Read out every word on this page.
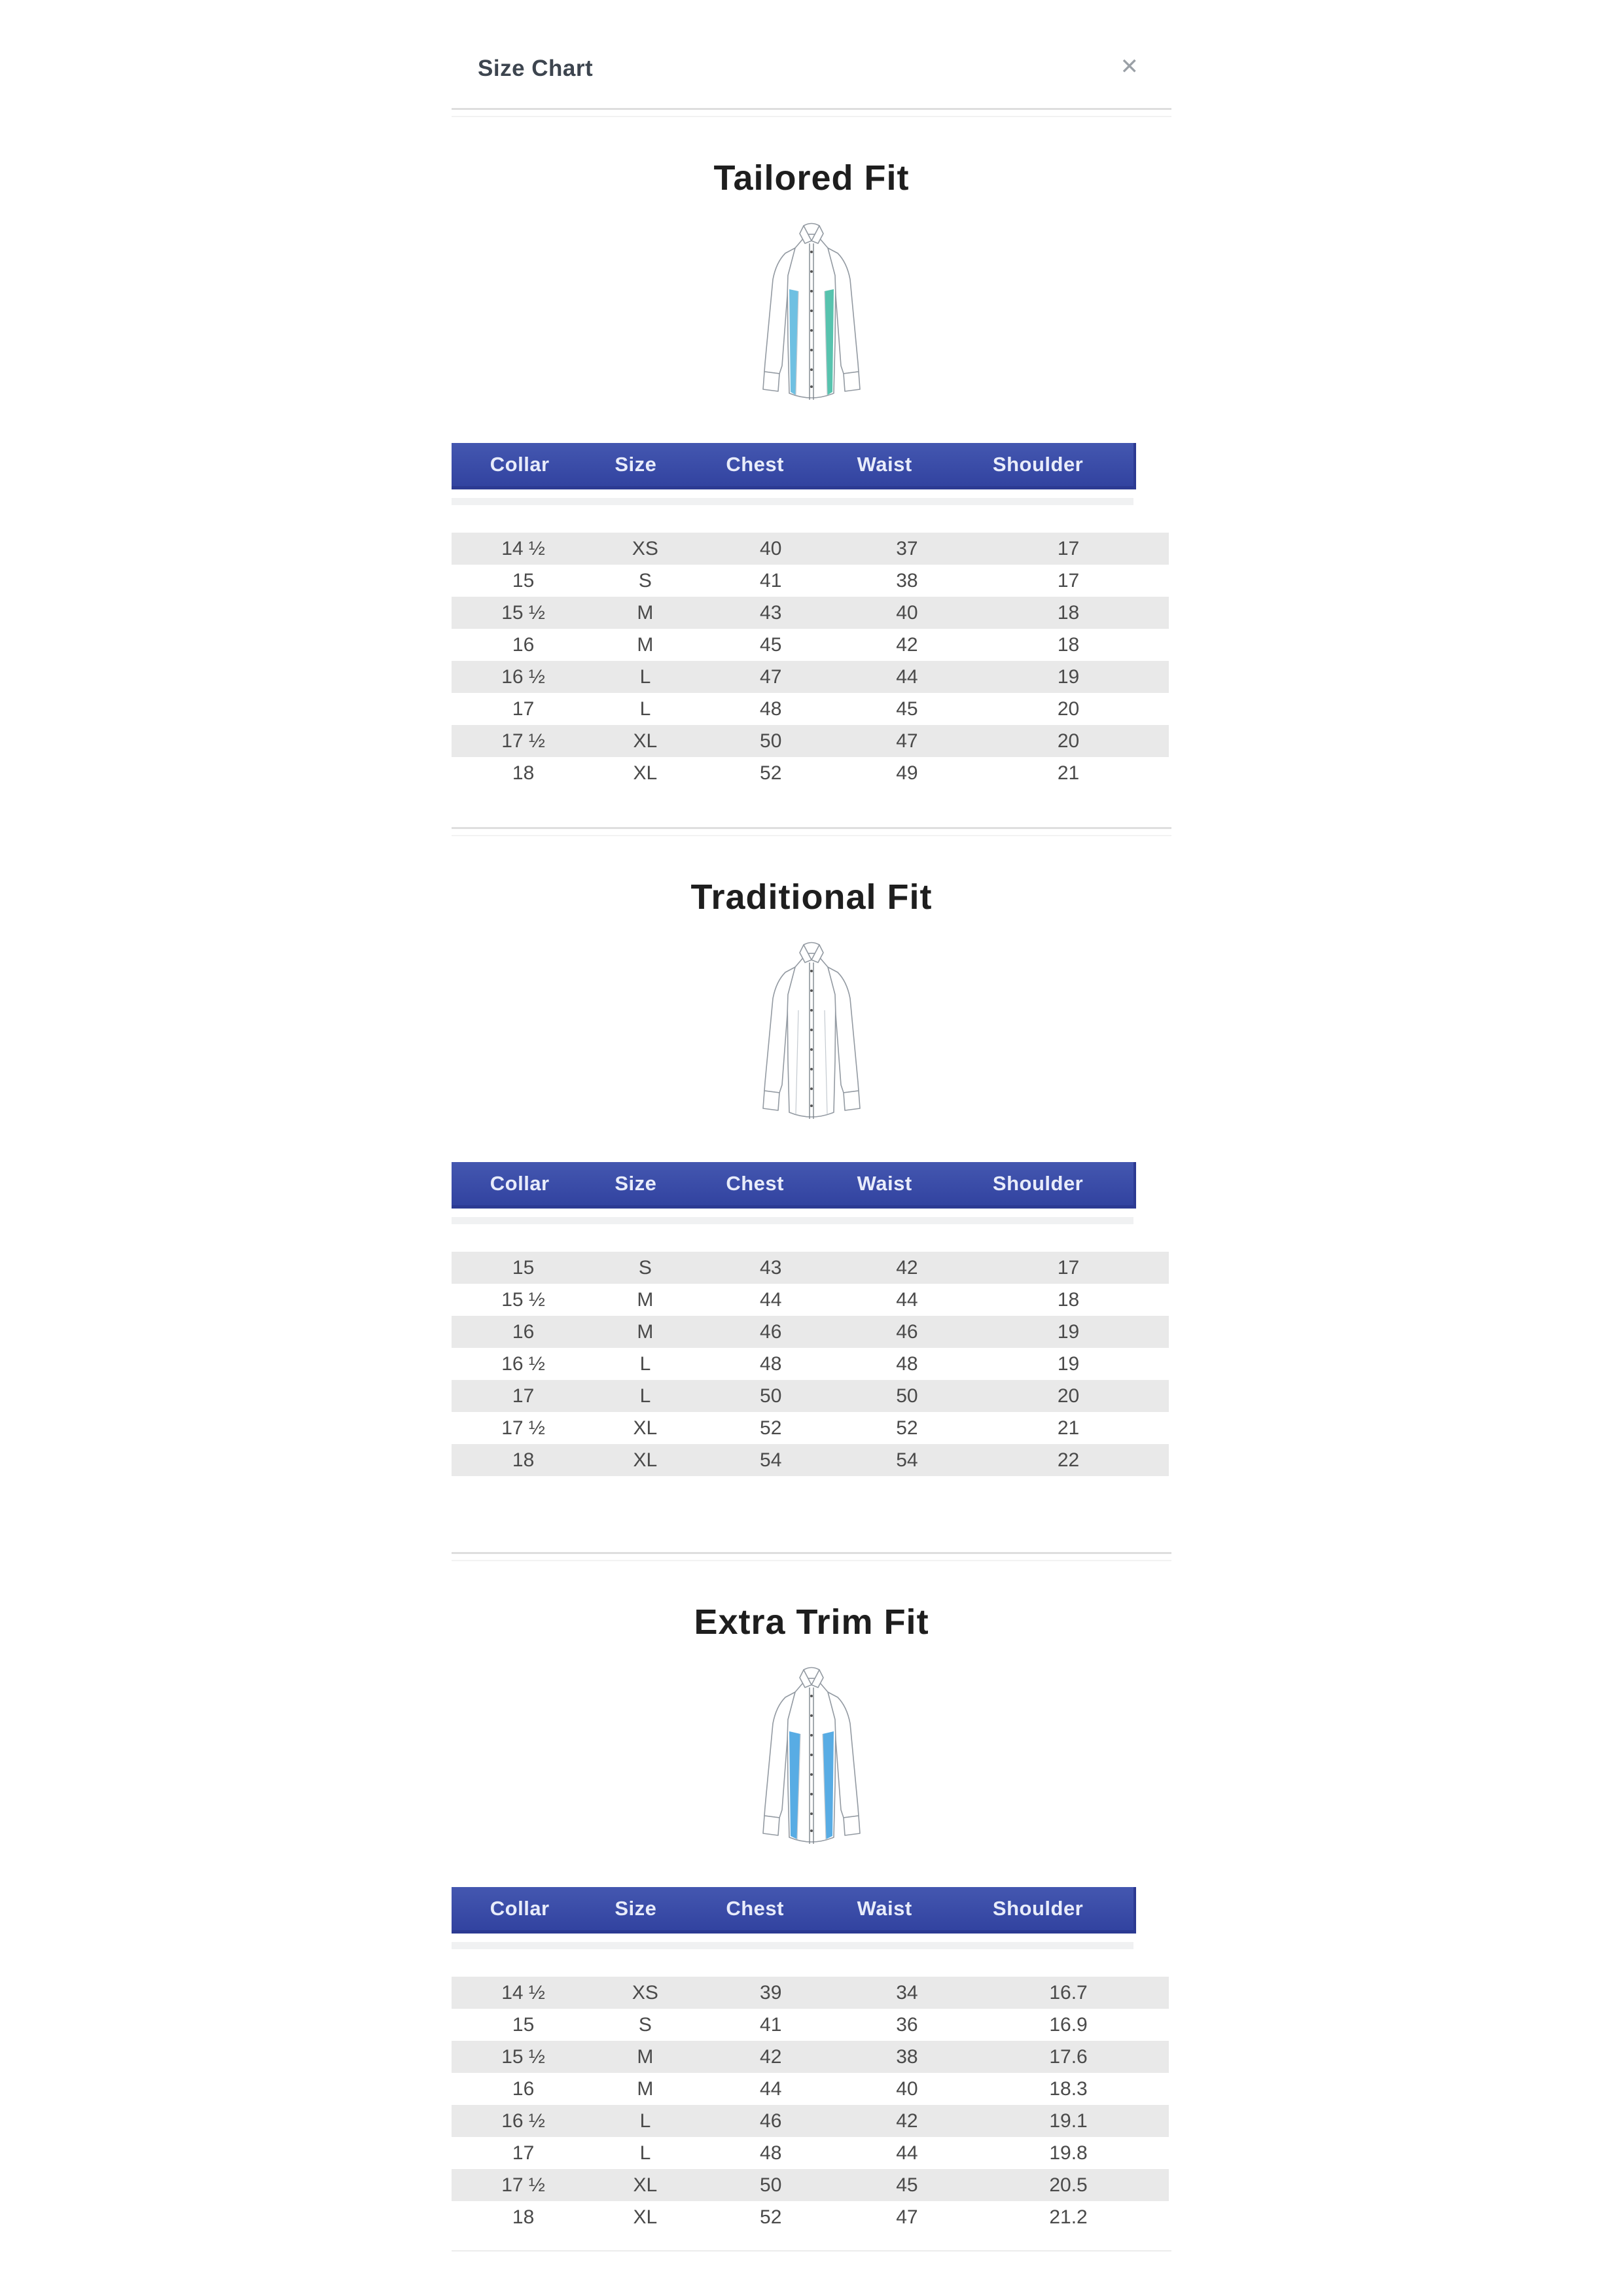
Size Chart	✕
Tailored Fit
Collar	Size	Chest	Waist	Shoulder
14 ½	XS	40	37	17
15	S	41	38	17
15 ½	M	43	40	18
16	M	45	42	18
16 ½	L	47	44	19
17	L	48	45	20
17 ½	XL	50	47	20
18	XL	52	49	21
Traditional Fit
Collar	Size	Chest	Waist	Shoulder
15	S	43	42	17
15 ½	M	44	44	18
16	M	46	46	19
16 ½	L	48	48	19
17	L	50	50	20
17 ½	XL	52	52	21
18	XL	54	54	22
Extra Trim Fit
Collar	Size	Chest	Waist	Shoulder
14 ½	XS	39	34	16.7
15	S	41	36	16.9
15 ½	M	42	38	17.6
16	M	44	40	18.3
16 ½	L	46	42	19.1
17	L	48	44	19.8
17 ½	XL	50	45	20.5
18	XL	52	47	21.2
